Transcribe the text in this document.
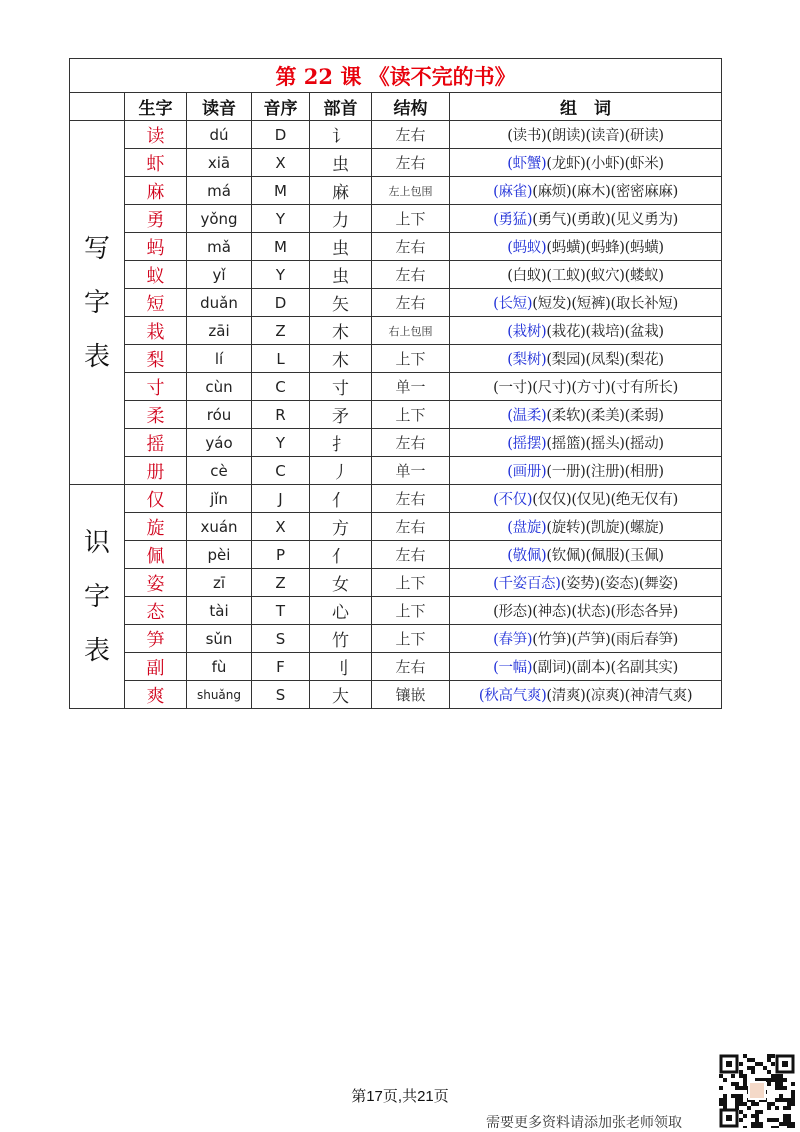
第 22 课 《读不完的书》						
	生字	读音	音序	部首	结构	组　词

写
字
表	读	dú	D	讠	左右	(读书)(朗读)(读音)(研读)
	虾	xiā	X	虫	左右	(虾蟹)(龙虾)(小虾)(虾米)
	麻	má	M	麻	左上包围	(麻雀)(麻烦)(麻木)(密密麻麻)
	勇	yǒng	Y	力	上下	(勇猛)(勇气)(勇敢)(见义勇为)
	蚂	mǎ	M	虫	左右	(蚂蚁)(蚂蟥)(蚂蜂)(蚂蟥)
	蚁	yǐ	Y	虫	左右	(白蚁)(工蚁)(蚁穴)(蝼蚁)
	短	duǎn	D	矢	左右	(长短)(短发)(短裤)(取长补短)
	栽	zāi	Z	木	右上包围	(栽树)(栽花)(栽培)(盆栽)
	梨	lí	L	木	上下	(梨树)(梨园)(凤梨)(梨花)
	寸	cùn	C	寸	单一	(一寸)(尺寸)(方寸)(寸有所长)
	柔	róu	R	矛	上下	(温柔)(柔软)(柔美)(柔弱)
	摇	yáo	Y	扌	左右	(摇摆)(摇篮)(摇头)(摇动)
	册	cè	C	丿	单一	(画册)(一册)(注册)(相册)

识
字
表	仅	jǐn	J	亻	左右	(不仅)(仅仅)(仅见)(绝无仅有)
	旋	xuán	X	方	左右	(盘旋)(旋转)(凯旋)(螺旋)
	佩	pèi	P	亻	左右	(敬佩)(钦佩)(佩服)(玉佩)
	姿	zī	Z	女	上下	(千姿百态)(姿势)(姿态)(舞姿)
	态	tài	T	心	上下	(形态)(神态)(状态)(形态各异)
	笋	sǔn	S	竹	上下	(春笋)(竹笋)(芦笋)(雨后春笋)
	副	fù	F	刂	左右	(一幅)(副词)(副本)(名副其实)
	爽	shuǎng	S	大	镶嵌	(秋高气爽)(清爽)(凉爽)(神清气爽)
第17页,共21页
需要更多资料请添加张老师领取
